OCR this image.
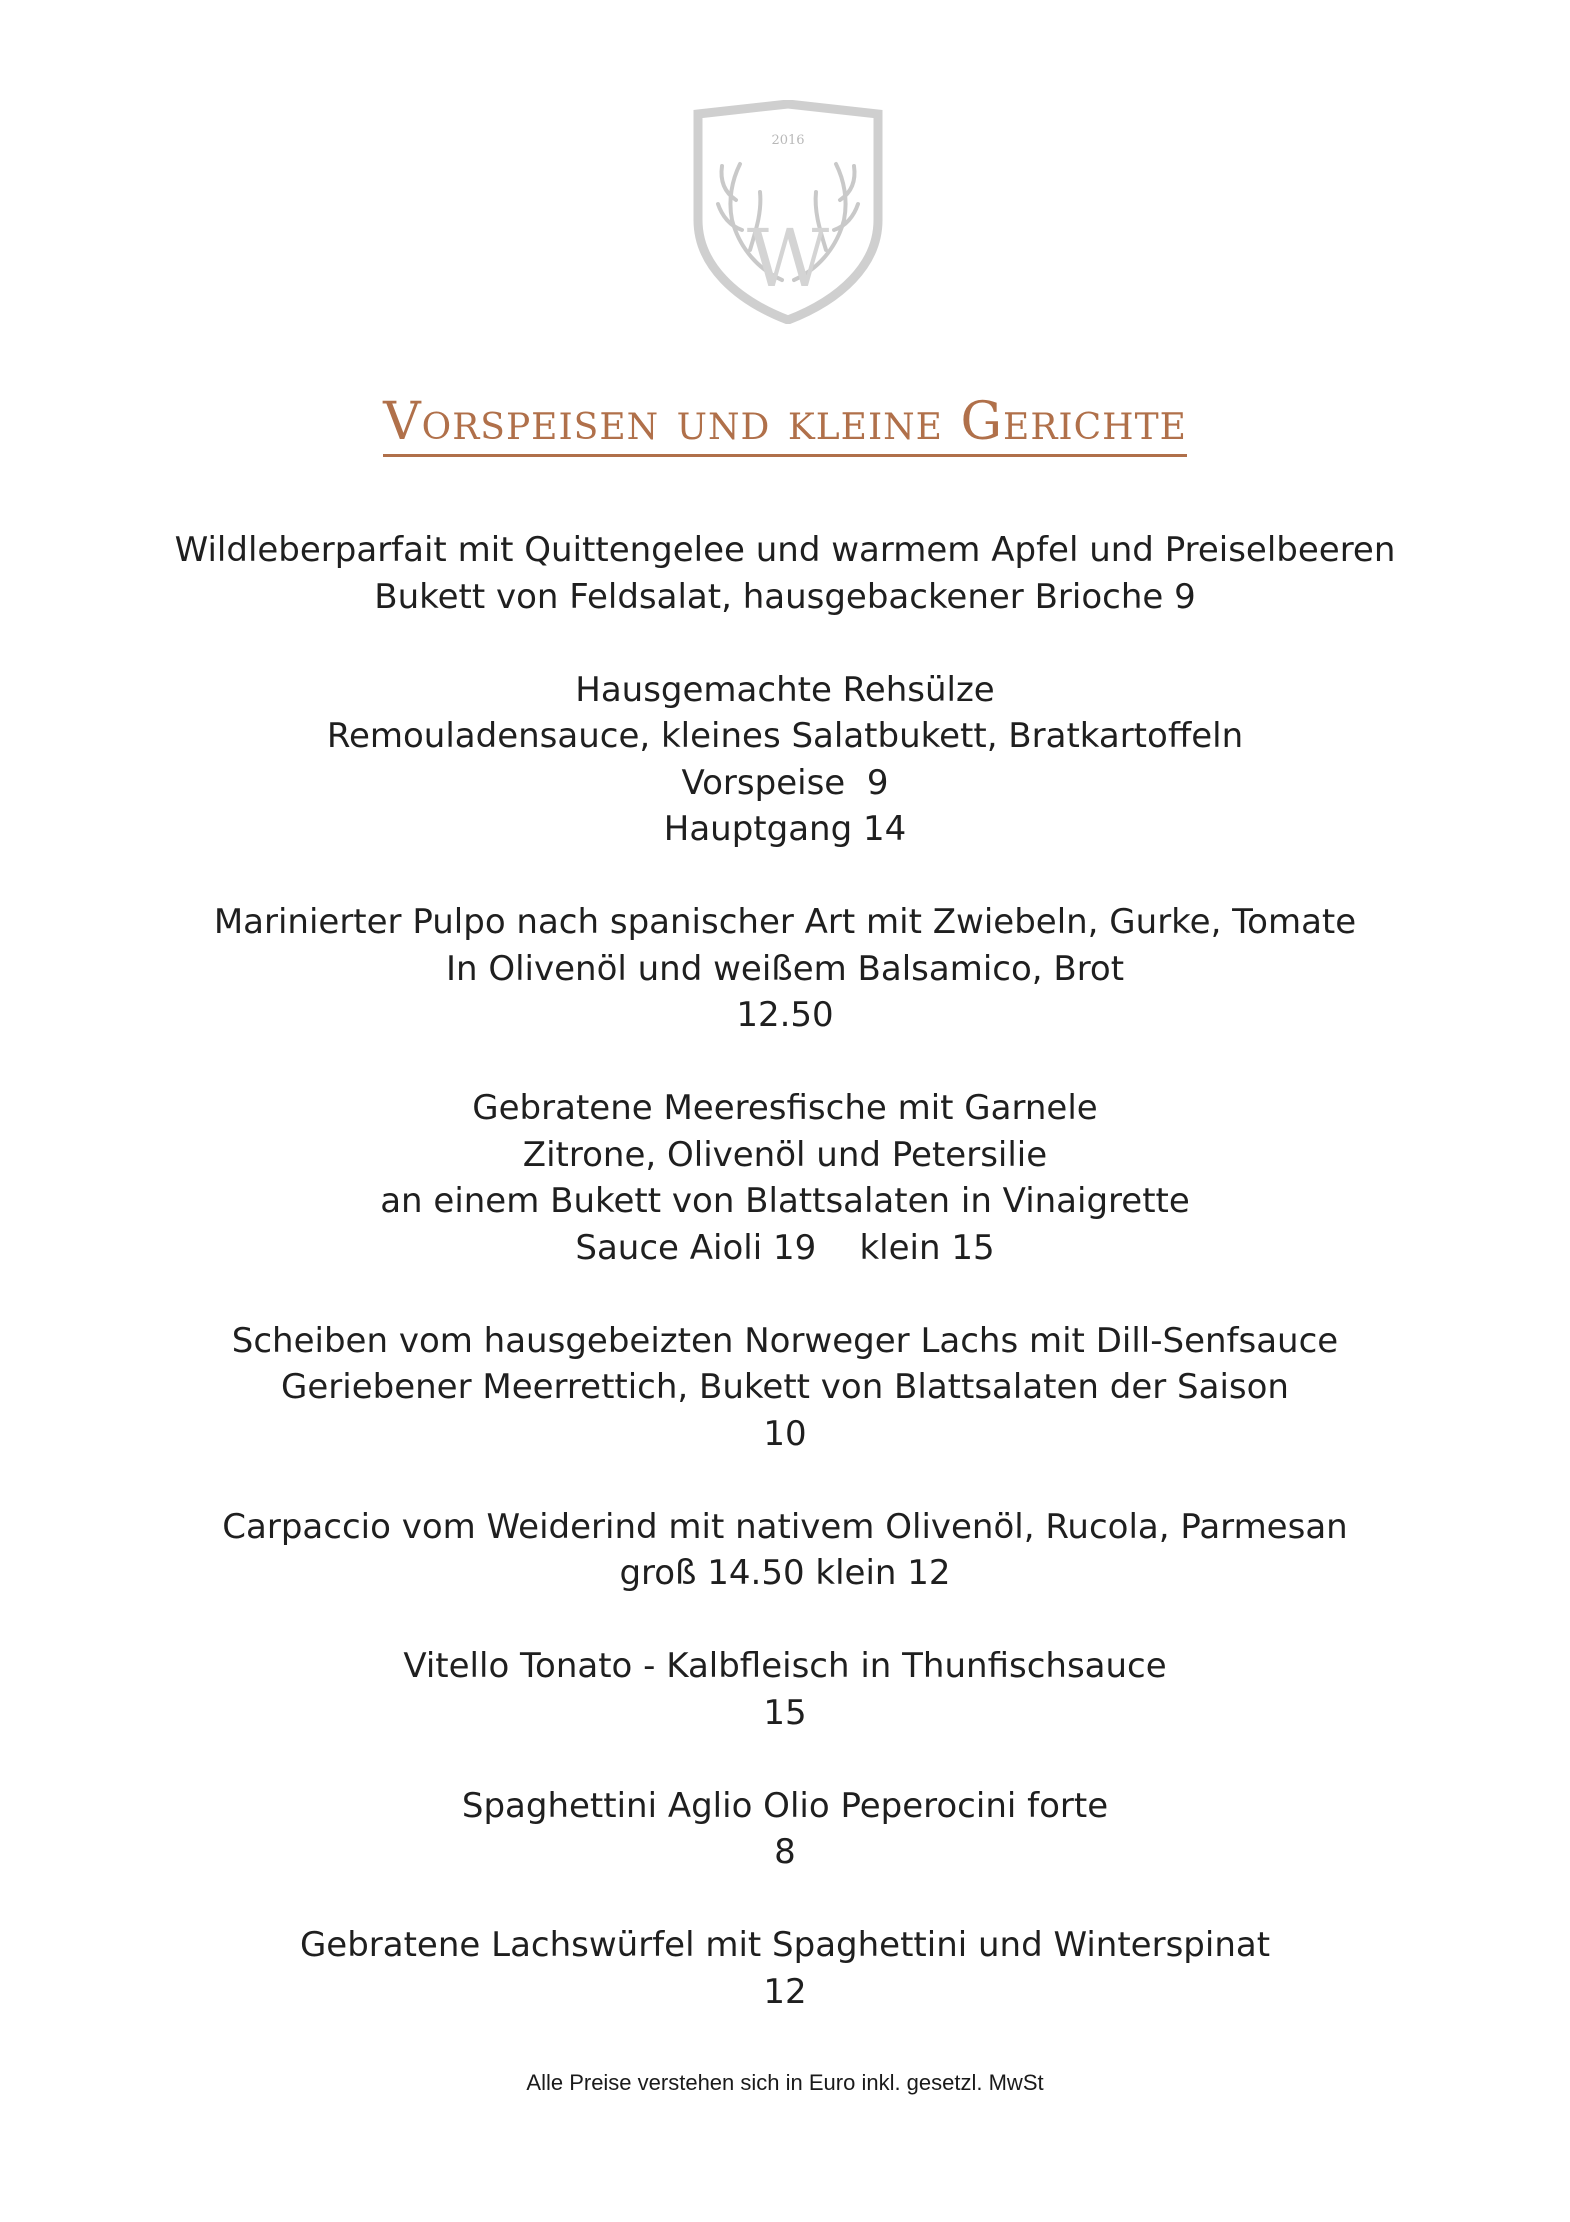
2016
W
Vorspeisen und kleine Gerichte
Wildleberparfait mit Quittengelee und warmem Apfel und Preiselbeeren
Bukett von Feldsalat, hausgebackener Brioche 9
Hausgemachte Rehsülze
Remouladensauce, kleines Salatbukett, Bratkartoffeln
Vorspeise  9
Hauptgang 14
Marinierter Pulpo nach spanischer Art mit Zwiebeln, Gurke, Tomate
In Olivenöl und weißem Balsamico, Brot
12.50
Gebratene Meeresfische mit Garnele
Zitrone, Olivenöl und Petersilie
an einem Bukett von Blattsalaten in Vinaigrette
Sauce Aioli 19    klein 15
Scheiben vom hausgebeizten Norweger Lachs mit Dill-Senfsauce
Geriebener Meerrettich, Bukett von Blattsalaten der Saison
10
Carpaccio vom Weiderind mit nativem Olivenöl, Rucola, Parmesan
groß 14.50 klein 12
Vitello Tonato - Kalbfleisch in Thunfischsauce
15
Spaghettini Aglio Olio Peperocini forte
8
Gebratene Lachswürfel mit Spaghettini und Winterspinat
12
Alle Preise verstehen sich in Euro inkl. gesetzl. MwSt
